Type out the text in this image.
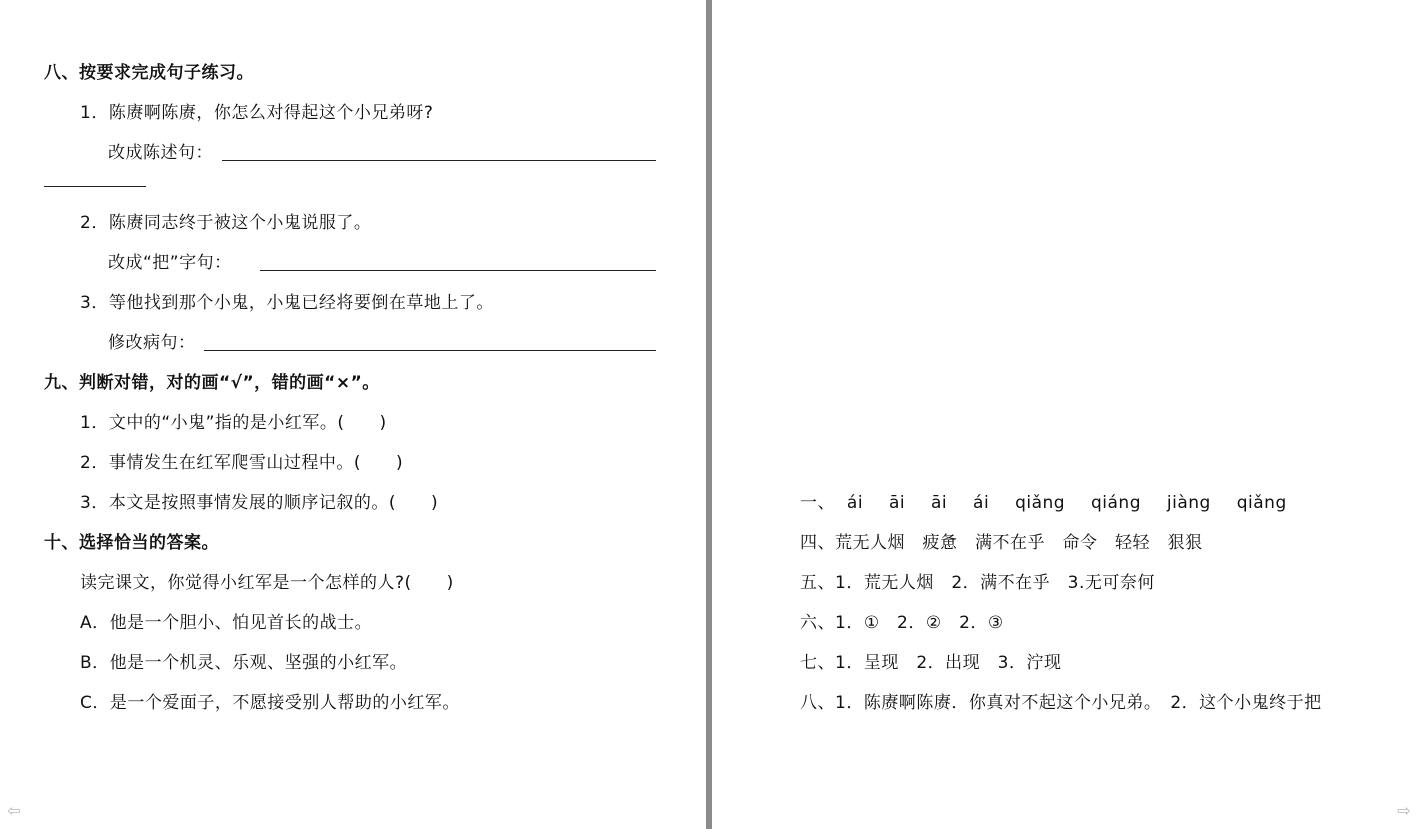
八、按要求完成句子练习。
1．陈赓啊陈赓，你怎么对得起这个小兄弟呀?
改成陈述句：
2．陈赓同志终于被这个小鬼说服了。
改成“把”字句：
3．等他找到那个小鬼，小鬼已经将要倒在草地上了。
修改病句：
九、判断对错，对的画“√”，错的画“×”。
1．文中的“小鬼”指的是小红军。(　　)
2．事情发生在红军爬雪山过程中。(　　)
3．本文是按照事情发展的顺序记叙的。(　　)
十、选择恰当的答案。
读完课文，你觉得小红军是一个怎样的人?(　　)
A．他是一个胆小、怕见首长的战士。
B．他是一个机灵、乐观、坚强的小红军。
C．是一个爱面子，不愿接受别人帮助的小红军。
⇦
一、 ái āi āi ái qiǎng qiáng jiàng qiǎng
四、荒无人烟　疲惫　满不在乎　命令　轻轻　狠狠
五、1．荒无人烟　2．满不在乎　3.无可奈何
六、1．①　2．②　2．③
七、1．呈现　2．出现　3．泞现
八、1．陈赓啊陈赓．你真对不起这个小兄弟。　2．这个小鬼终于把
⇨
